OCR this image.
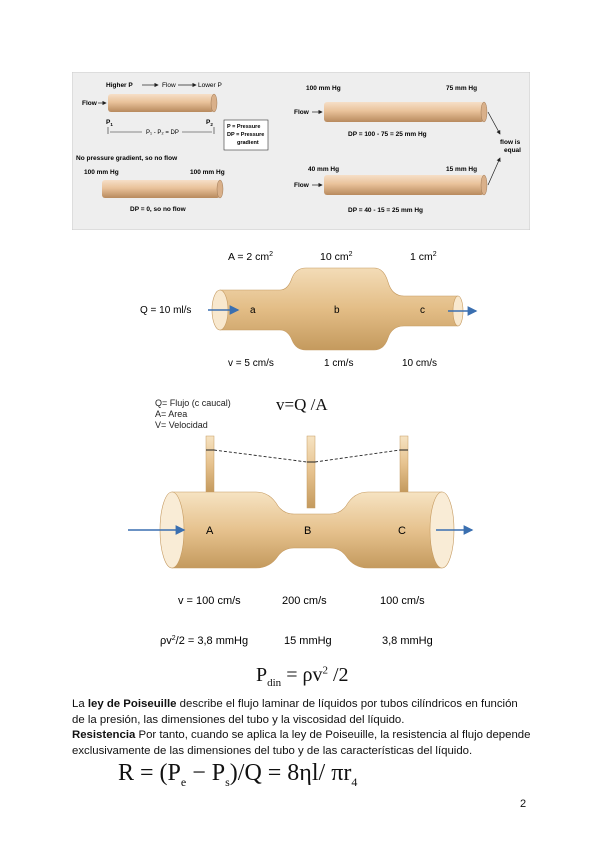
Higher P	Flow	Lower P
Flow
$P_1$	$P_2$
P₁ - P₂ = DP
P = Pressure
DP = Pressure
gradient
No pressure gradient, so no flow
100 mm Hg	100 mm Hg
DP = 0, so no flow
100 mm Hg	75 mm Hg
Flow
DP = 100 - 75 = 25 mm Hg
flow is
equal
40 mm Hg	15 mm Hg
Flow
DP = 40 - 15 = 25 mm Hg
A = 2 $cm^2$	10 $cm^2$	1 $cm^2$
Q = 10 ml/s	a	b	c
v = 5 cm/s	1 cm/s	10 cm/s
Q= Flujo (c caucal)
A= Area
V= Velocidad
v=Q /A
A	B	C
v = 100 cm/s	200 cm/s	100 cm/s
$\rho v^2/2 = 3,8$ mmHg	15 mmHg	3,8 mmHg
$P_{din} = \rho v^2$ /2
La ley de Poiseuille describe el flujo laminar de líquidos por tubos cilíndricos en función de la presión, las dimensiones del tubo y la viscosidad del líquido.
Resistencia Por tanto, cuando se aplica la ley de Poiseuille, la resistencia al flujo depende exclusivamente de las dimensiones del tubo y de las características del líquido.
$R = (P_e - P_s)/Q = 8\eta l/$ $\pi r_4$
2
